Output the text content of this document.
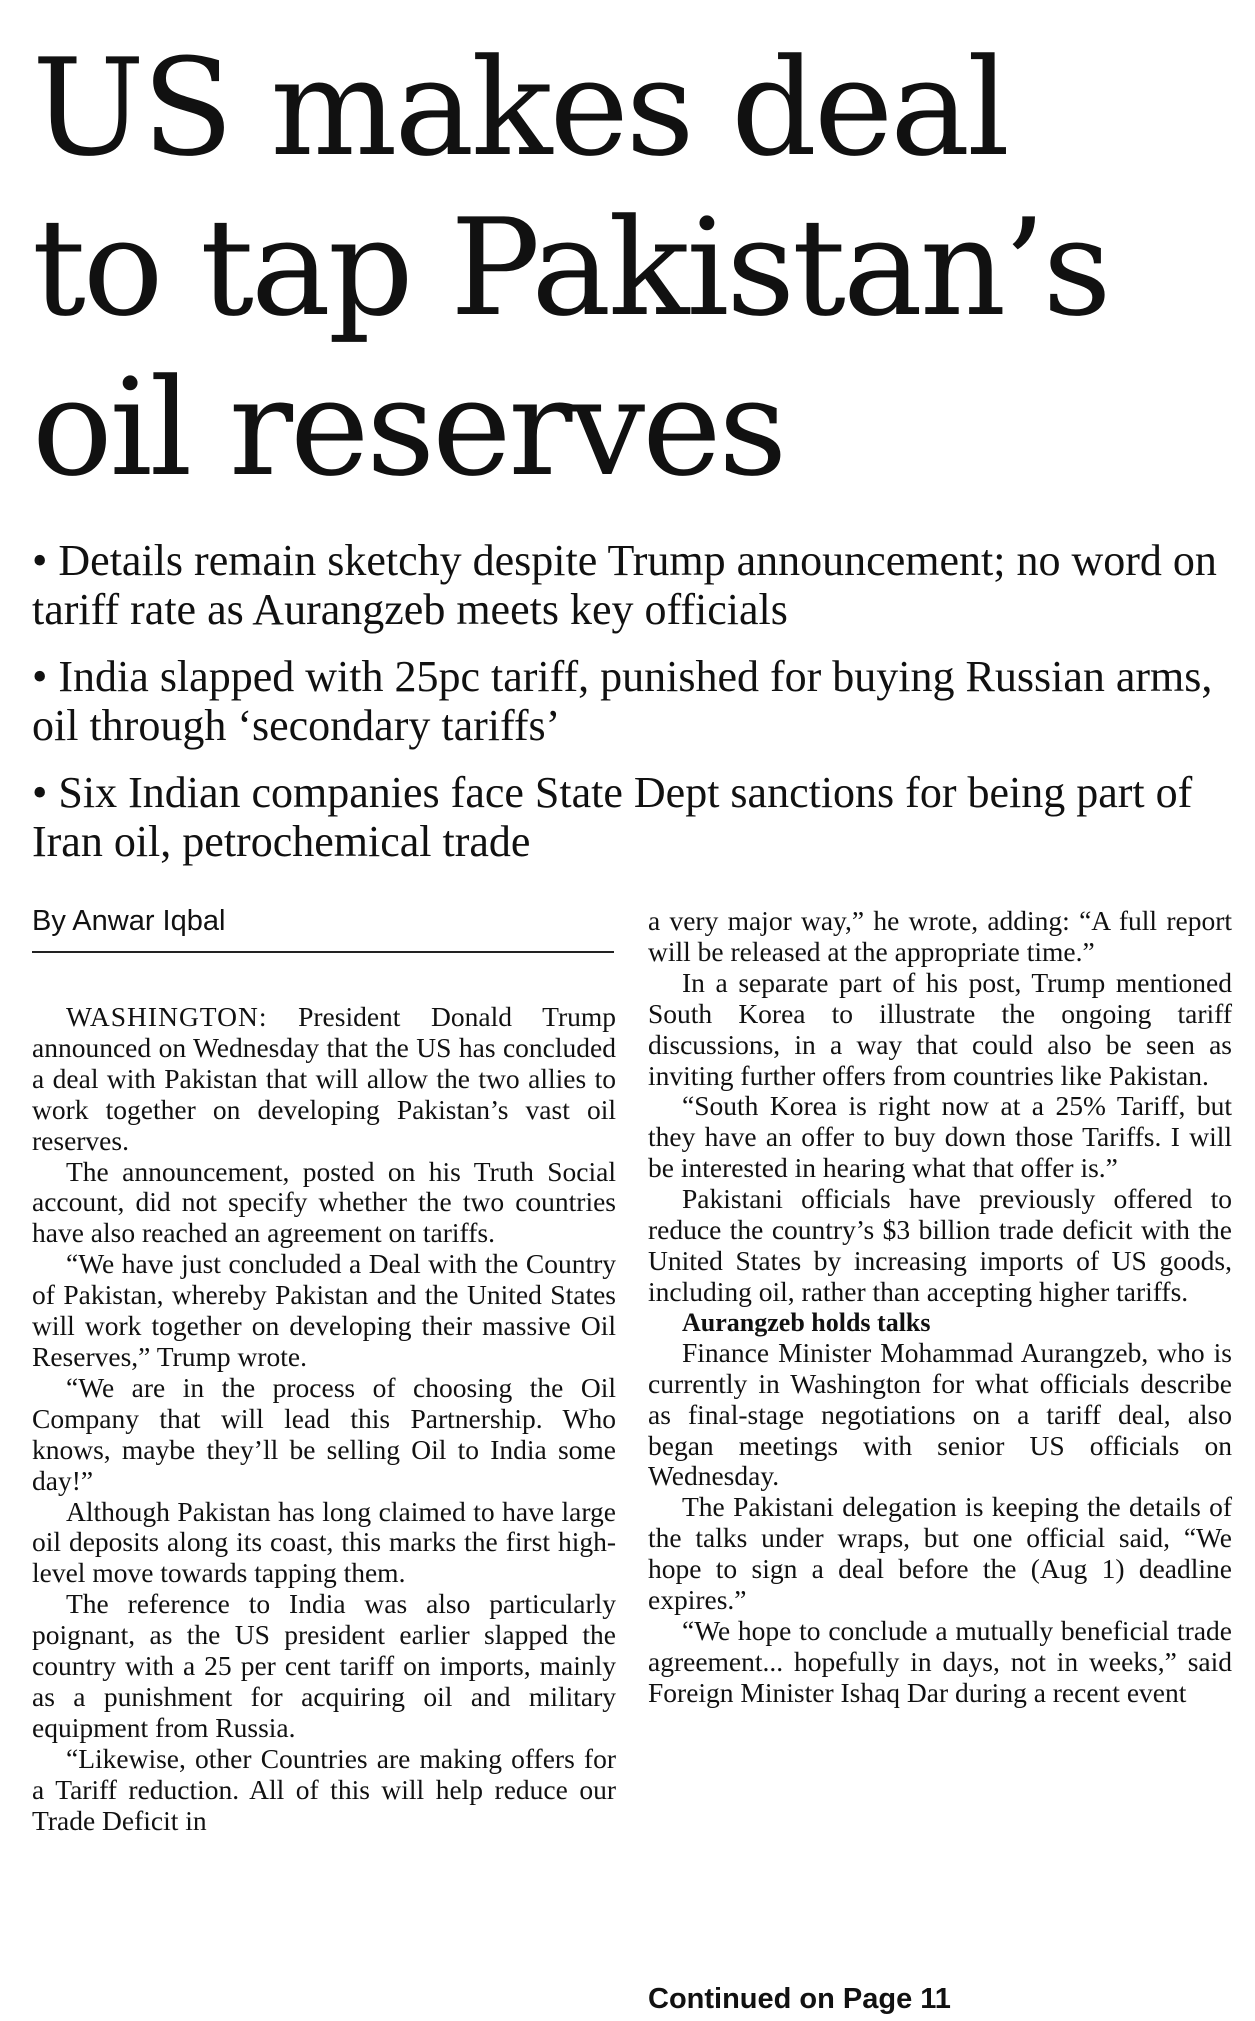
US makes deal
to tap Pakistan’s
oil reserves
• Details remain sketchy despite Trump announcement; no word on tariff rate as Aurangzeb meets key officials
• India slapped with 25pc tariff, punished for buying Russian arms, oil through ‘secondary tariffs’
• Six Indian companies face State Dept sanctions for being part of Iran oil, petrochemical trade
By Anwar Iqbal

WASHINGTON: President Donald Trump announced on Wednesday that the US has concluded a deal with Pakistan that will allow the two allies to work together on developing Pakistan’s vast oil reserves.

The announcement, posted on his Truth Social account, did not specify whether the two countries have also reached an agreement on tariffs.

“We have just concluded a Deal with the Country of Pakistan, whereby Pakistan and the United States will work together on developing their massive Oil Reserves,” Trump wrote.

“We are in the process of choosing the Oil Company that will lead this Partnership. Who knows, maybe they’ll be selling Oil to India some day!”

Although Pakistan has long claimed to have large oil deposits along its coast, this marks the first high-level move towards tapping them.

The reference to India was also particularly poignant, as the US president earlier slapped the country with a 25 per cent tariff on imports, mainly as a punishment for acquiring oil and military equipment from Russia.

“Likewise, other Countries are making offers for a Tariff reduction. All of this will help reduce our Trade Deficit in

a very major way,” he wrote, adding: “A full report will be released at the appropriate time.”

In a separate part of his post, Trump mentioned South Korea to illustrate the ongoing tariff discussions, in a way that could also be seen as inviting further offers from countries like Pakistan.

“South Korea is right now at a 25% Tariff, but they have an offer to buy down those Tariffs. I will be interested in hearing what that offer is.”

Pakistani officials have previously offered to reduce the country’s $3 billion trade deficit with the United States by increasing imports of US goods, including oil, rather than accepting higher tariffs.

Aurangzeb holds talks

Finance Minister Mohammad Aurangzeb, who is currently in Washington for what officials describe as final-stage negotiations on a tariff deal, also began meetings with senior US officials on Wednesday.

The Pakistani delegation is keeping the details of the talks under wraps, but one official said, “We hope to sign a deal before the (Aug 1) deadline expires.”

“We hope to conclude a mutually beneficial trade agreement... hopefully in days, not in weeks,” said Foreign Minister Ishaq Dar during a recent event

Continued on Page 11
